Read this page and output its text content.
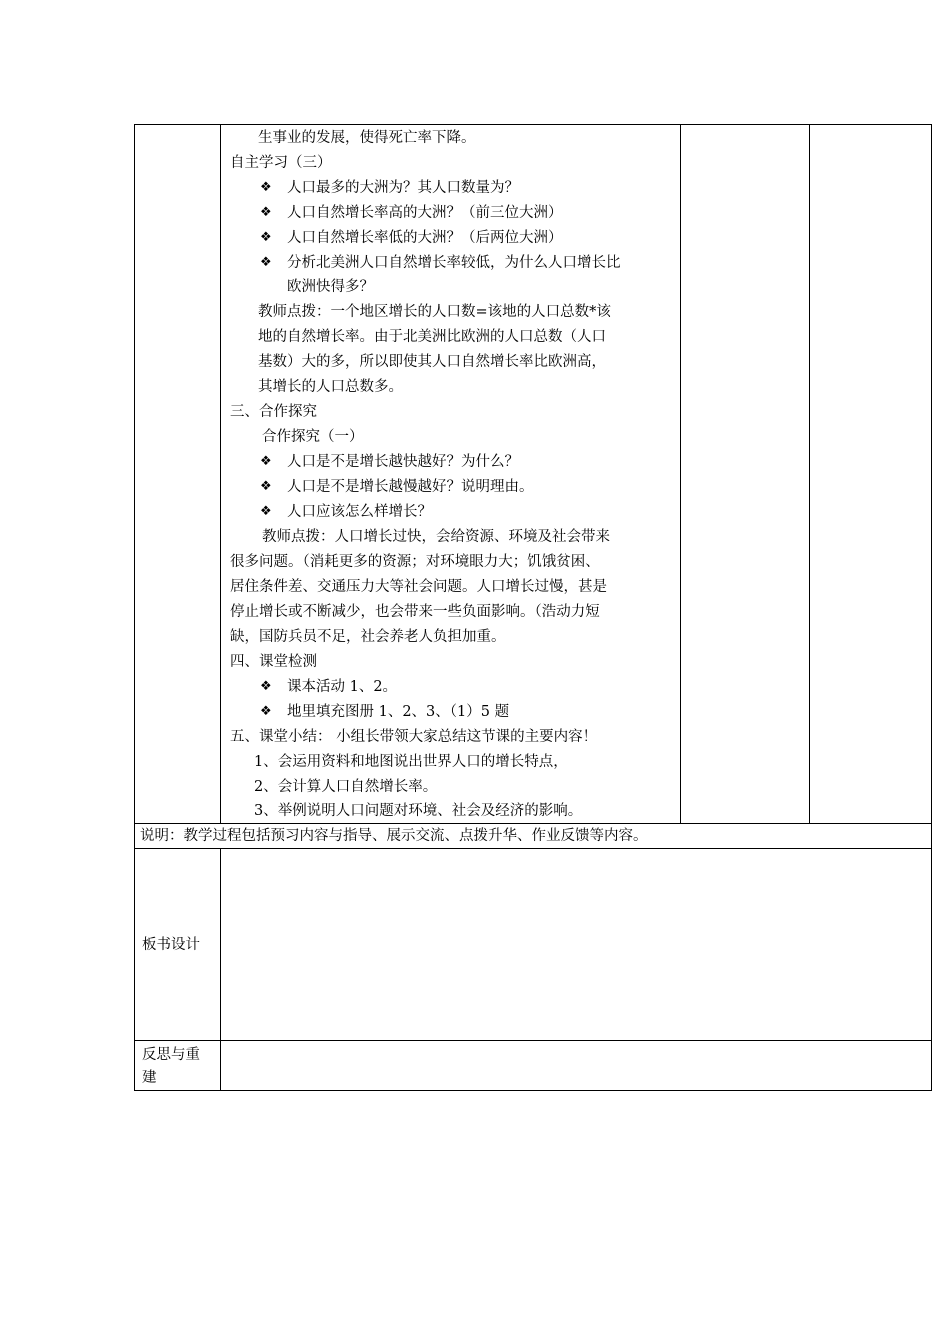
生事业的发展，使得死亡率下降。
自主学习（三）
❖ 人口最多的大洲为？其人口数量为？
❖ 人口自然增长率高的大洲？（前三位大洲）
❖ 人口自然增长率低的大洲？（后两位大洲）
❖ 分析北美洲人口自然增长率较低，为什么人口增长比
欧洲快得多？
教师点拨：一个地区增长的人口数=该地的人口总数*该
地的自然增长率。由于北美洲比欧洲的人口总数（人口
基数）大的多，所以即使其人口自然增长率比欧洲高，
其增长的人口总数多。
三、合作探究
合作探究（一）
❖ 人口是不是增长越快越好？为什么？
❖ 人口是不是增长越慢越好？说明理由。
❖ 人口应该怎么样增长？
教师点拨：人口增长过快，会给资源、环境及社会带来
很多问题。（消耗更多的资源；对环境眼力大；饥饿贫困、
居住条件差、交通压力大等社会问题。人口增长过慢，甚是
停止增长或不断减少，也会带来一些负面影响。（浩动力短
缺，国防兵员不足，社会养老人负担加重。
四、课堂检测
❖ 课本活动 1、2。
❖ 地里填充图册 1、2、3、（1）5 题
五、课堂小结： 小组长带领大家总结这节课的主要内容！
1、会运用资料和地图说出世界人口的增长特点，
2、会计算人口自然增长率。
3、举例说明人口问题对环境、社会及经济的影响。
说明：教学过程包括预习内容与指导、展示交流、点拨升华、作业反馈等内容。
板书设计
反思与重
建
